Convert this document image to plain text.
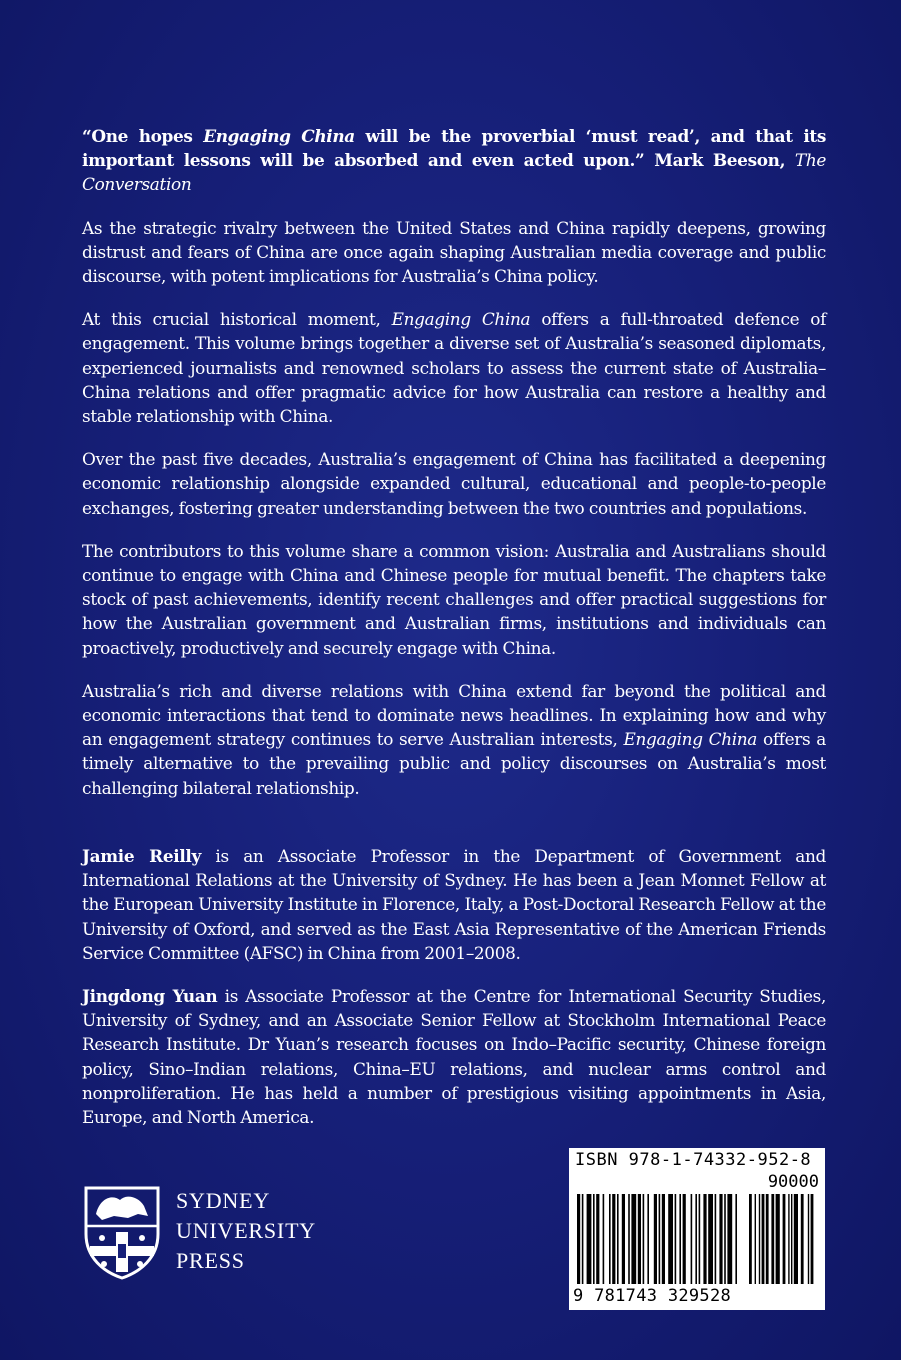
“One hopes Engaging China will be the proverbial ‘must read’, and that its important lessons will be absorbed and even acted upon.” Mark Beeson, The Conversation

As the strategic rivalry between the United States and China rapidly deepens, growing distrust and fears of China are once again shaping Australian media coverage and public discourse, with potent implications for Australia’s China policy.

At this crucial historical moment, Engaging China offers a full-throated defence of engagement. This volume brings together a diverse set of Australia’s seasoned diplomats, experienced journalists and renowned scholars to assess the current state of Australia–China relations and offer pragmatic advice for how Australia can restore a healthy and stable relationship with China.

Over the past five decades, Australia’s engagement of China has facilitated a deepening economic relationship alongside expanded cultural, educational and people-to-people exchanges, fostering greater understanding between the two countries and populations.

The contributors to this volume share a common vision: Australia and Australians should continue to engage with China and Chinese people for mutual benefit. The chapters take stock of past achievements, identify recent challenges and offer practical suggestions for how the Australian government and Australian firms, institutions and individuals can proactively, productively and securely engage with China.

Australia’s rich and diverse relations with China extend far beyond the political and economic interactions that tend to dominate news headlines. In explaining how and why an engagement strategy continues to serve Australian interests, Engaging China offers a timely alternative to the prevailing public and policy discourses on Australia’s most challenging bilateral relationship.

Jamie Reilly is an Associate Professor in the Department of Government and International Relations at the University of Sydney. He has been a Jean Monnet Fellow at the European University Institute in Florence, Italy, a Post-Doctoral Research Fellow at the University of Oxford, and served as the East Asia Representative of the American Friends Service Committee (AFSC) in China from 2001–2008.

Jingdong Yuan is Associate Professor at the Centre for International Security Studies, University of Sydney, and an Associate Senior Fellow at Stockholm International Peace Research Institute. Dr Yuan’s research focuses on Indo–Pacific security, Chinese foreign policy, Sino–Indian relations, China–EU relations, and nuclear arms control and nonproliferation. He has held a number of prestigious visiting appointments in Asia, Europe, and North America.

SYDNEY
UNIVERSITY
PRESS
ISBN 978-1-74332-952-8
90000
9 781743 329528
